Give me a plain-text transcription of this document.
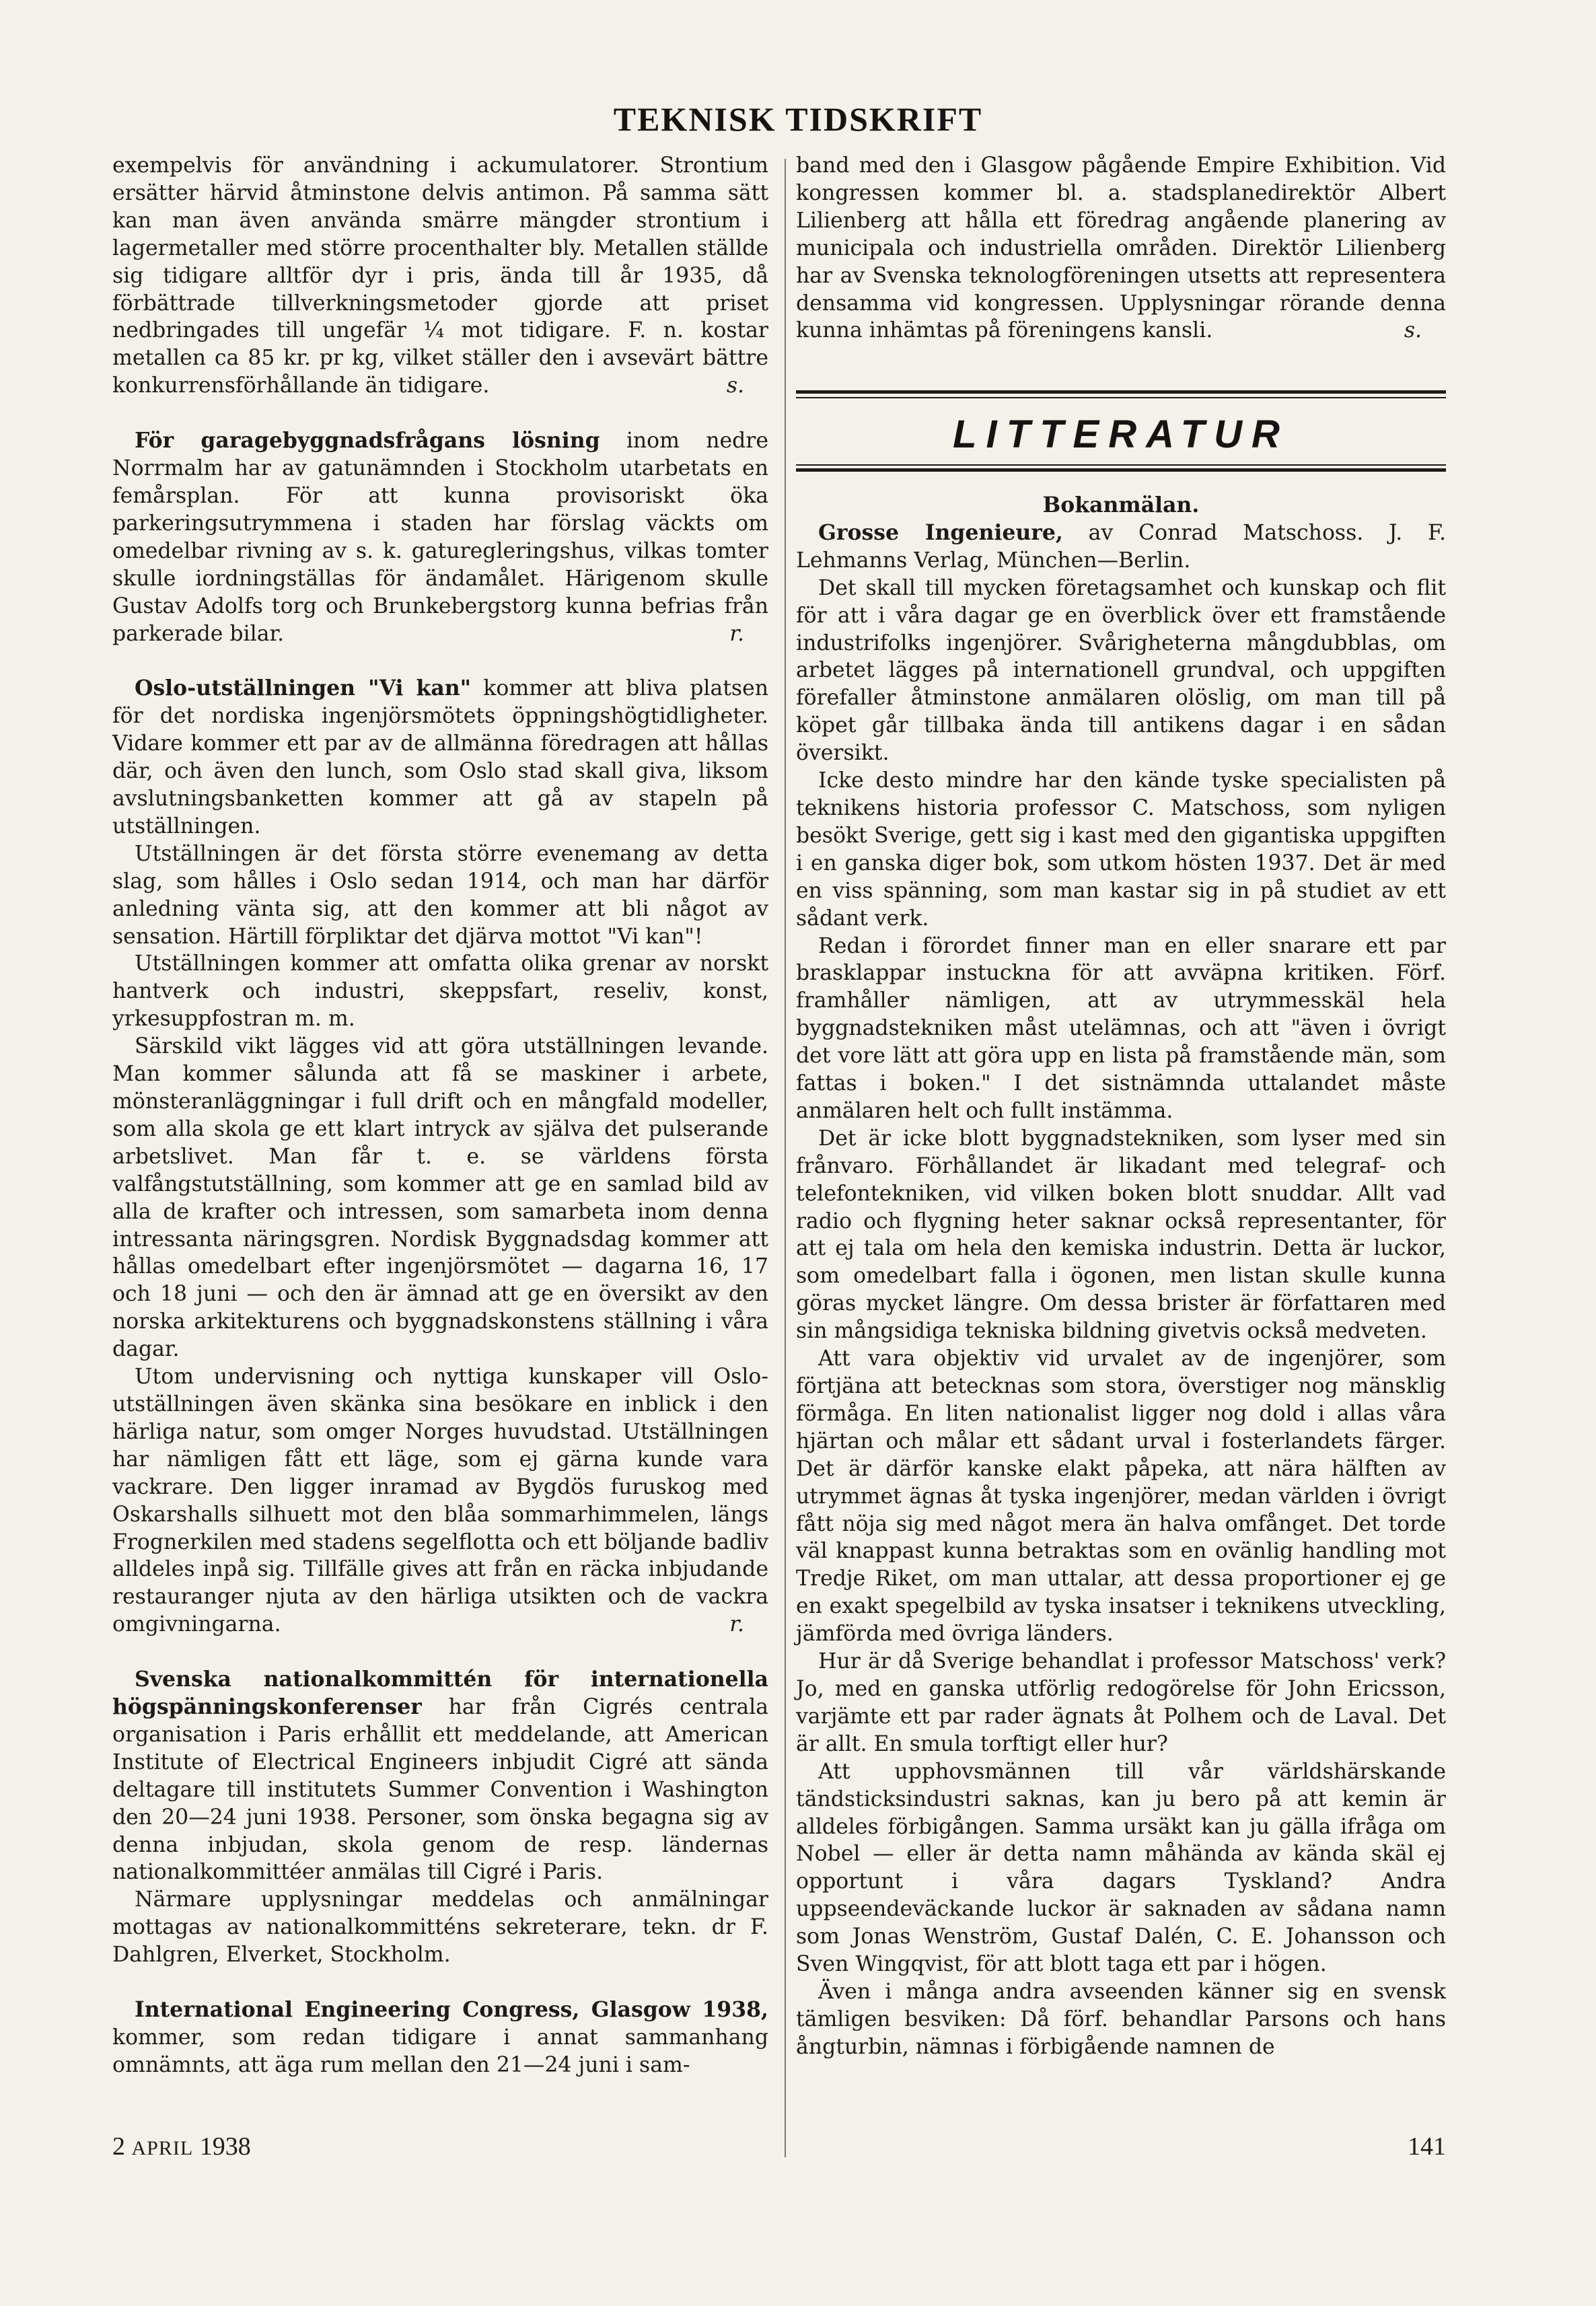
TEKNISK TIDSKRIFT

exempelvis för användning i ackumulatorer. Strontium ersätter härvid åtminstone delvis antimon. På samma sätt kan man även använda smärre mängder strontium i lagermetaller med större procenthalter bly. Metallen ställde sig tidigare alltför dyr i pris, ända till år 1935, då förbättrade tillverkningsmetoder gjorde att priset nedbringades till ungefär ¼ mot tidigare. F. n. kostar metallen ca 85 kr. pr kg, vilket ställer den i avsevärt bättre konkurrensförhållande än tidigare.	s.

För garagebyggnadsfrågans lösning inom nedre Norrmalm har av gatunämnden i Stockholm utarbetats en femårsplan. För att kunna provisoriskt öka parkeringsutrymmena i staden har förslag väckts om omedelbar rivning av s. k. gaturegleringshus, vilkas tomter skulle iordningställas för ändamålet. Härigenom skulle Gustav Adolfs torg och Brunkebergstorg kunna befrias från parkerade bilar.	r.

Oslo-utställningen "Vi kan" kommer att bliva platsen för det nordiska ingenjörsmötets öppningshögtidligheter. Vidare kommer ett par av de allmänna föredragen att hållas där, och även den lunch, som Oslo stad skall giva, liksom avslutningsbanketten kommer att gå av stapeln på utställningen.

Utställningen är det första större evenemang av detta slag, som hålles i Oslo sedan 1914, och man har därför anledning vänta sig, att den kommer att bli något av sensation. Härtill förpliktar det djärva mottot "Vi kan"!

Utställningen kommer att omfatta olika grenar av norskt hantverk och industri, skeppsfart, reseliv, konst, yrkesuppfostran m. m.

Särskild vikt lägges vid att göra utställningen levande. Man kommer sålunda att få se maskiner i arbete, mönsteranläggningar i full drift och en mångfald modeller, som alla skola ge ett klart intryck av själva det pulserande arbetslivet. Man får t. e. se världens första valfångstutställning, som kommer att ge en samlad bild av alla de krafter och intressen, som samarbeta inom denna intressanta näringsgren. Nordisk Byggnadsdag kommer att hållas omedelbart efter ingenjörsmötet — dagarna 16, 17 och 18 juni — och den är ämnad att ge en översikt av den norska arkitekturens och byggnadskonstens ställning i våra dagar.

Utom undervisning och nyttiga kunskaper vill Oslo-utställningen även skänka sina besökare en inblick i den härliga natur, som omger Norges huvudstad. Utställningen har nämligen fått ett läge, som ej gärna kunde vara vackrare. Den ligger inramad av Bygdös furuskog med Oskarshalls silhuett mot den blåa sommarhimmelen, längs Frognerkilen med stadens segelflotta och ett böljande badliv alldeles inpå sig. Tillfälle gives att från en räcka inbjudande restauranger njuta av den härliga utsikten och de vackra omgivningarna.	r.

Svenska nationalkommittén för internationella högspänningskonferenser har från Cigrés centrala organisation i Paris erhållit ett meddelande, att American Institute of Electrical Engineers inbjudit Cigré att sända deltagare till institutets Summer Convention i Washington den 20—24 juni 1938. Personer, som önska begagna sig av denna inbjudan, skola genom de resp. ländernas nationalkommittéer anmälas till Cigré i Paris.

Närmare upplysningar meddelas och anmälningar mottagas av nationalkommitténs sekreterare, tekn. dr F. Dahlgren, Elverket, Stockholm.

International Engineering Congress, Glasgow 1938, kommer, som redan tidigare i annat sammanhang omnämnts, att äga rum mellan den 21—24 juni i sam-

band med den i Glasgow pågående Empire Exhibition. Vid kongressen kommer bl. a. stadsplanedirektör Albert Lilienberg att hålla ett föredrag angående planering av municipala och industriella områden. Direktör Lilienberg har av Svenska teknologföreningen utsetts att representera densamma vid kongressen. Upplysningar rörande denna kunna inhämtas på föreningens kansli.	s.

LITTERATUR

Bokanmälan.

Grosse Ingenieure, av Conrad Matschoss. J. F. Lehmanns Verlag, München—Berlin.

Det skall till mycken företagsamhet och kunskap och flit för att i våra dagar ge en överblick över ett framstående industrifolks ingenjörer. Svårigheterna mångdubblas, om arbetet lägges på internationell grundval, och uppgiften förefaller åtminstone anmälaren olöslig, om man till på köpet går tillbaka ända till antikens dagar i en sådan översikt.

Icke desto mindre har den kände tyske specialisten på teknikens historia professor C. Matschoss, som nyligen besökt Sverige, gett sig i kast med den gigantiska uppgiften i en ganska diger bok, som utkom hösten 1937. Det är med en viss spänning, som man kastar sig in på studiet av ett sådant verk.

Redan i förordet finner man en eller snarare ett par brasklappar instuckna för att avväpna kritiken. Förf. framhåller nämligen, att av utrymmesskäl hela byggnadstekniken måst utelämnas, och att "även i övrigt det vore lätt att göra upp en lista på framstående män, som fattas i boken." I det sistnämnda uttalandet måste anmälaren helt och fullt instämma.

Det är icke blott byggnadstekniken, som lyser med sin frånvaro. Förhållandet är likadant med telegraf- och telefontekniken, vid vilken boken blott snuddar. Allt vad radio och flygning heter saknar också representanter, för att ej tala om hela den kemiska industrin. Detta är luckor, som omedelbart falla i ögonen, men listan skulle kunna göras mycket längre. Om dessa brister är författaren med sin mångsidiga tekniska bildning givetvis också medveten.

Att vara objektiv vid urvalet av de ingenjörer, som förtjäna att betecknas som stora, överstiger nog mänsklig förmåga. En liten nationalist ligger nog dold i allas våra hjärtan och målar ett sådant urval i fosterlandets färger. Det är därför kanske elakt påpeka, att nära hälften av utrymmet ägnas åt tyska ingenjörer, medan världen i övrigt fått nöja sig med något mera än halva omfånget. Det torde väl knappast kunna betraktas som en ovänlig handling mot Tredje Riket, om man uttalar, att dessa proportioner ej ge en exakt spegelbild av tyska insatser i teknikens utveckling, jämförda med övriga länders.

Hur är då Sverige behandlat i professor Matschoss' verk? Jo, med en ganska utförlig redogörelse för John Ericsson, varjämte ett par rader ägnats åt Polhem och de Laval. Det är allt. En smula torftigt eller hur?

Att upphovsmännen till vår världshärskande tändsticksindustri saknas, kan ju bero på att kemin är alldeles förbigången. Samma ursäkt kan ju gälla ifråga om Nobel — eller är detta namn måhända av kända skäl ej opportunt i våra dagars Tyskland? Andra uppseendeväckande luckor är saknaden av sådana namn som Jonas Wenström, Gustaf Dalén, C. E. Johansson och Sven Wingqvist, för att blott taga ett par i högen.

Även i många andra avseenden känner sig en svensk tämligen besviken: Då förf. behandlar Parsons och hans ångturbin, nämnas i förbigående namnen de

2 APRIL 1938	141
